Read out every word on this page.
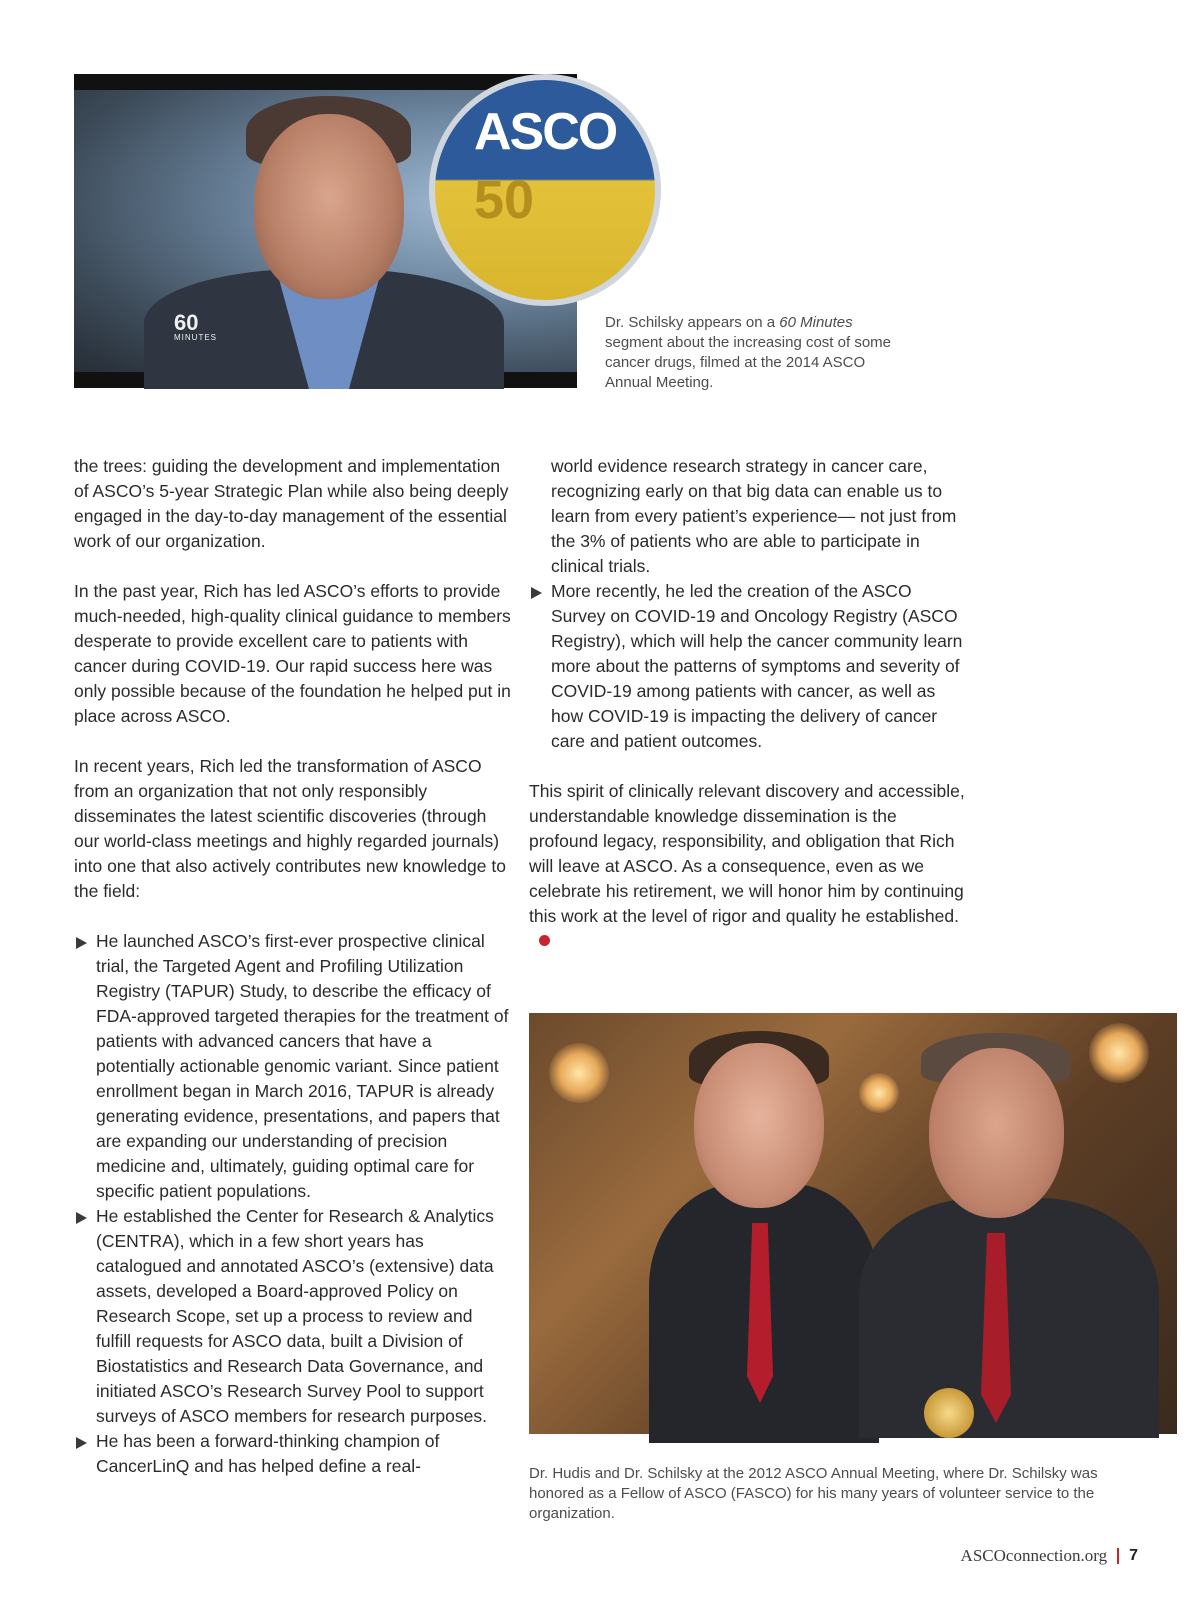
ASCO
50
60
MINUTES
Dr. Schilsky appears on a 60 Minutes segment about the increasing cost of some cancer drugs, filmed at the 2014 ASCO Annual Meeting.

the trees: guiding the development and implementation of ASCO’s 5-year Strategic Plan while also being deeply engaged in the day-to-day management of the essential work of our organization.

In the past year, Rich has led ASCO’s efforts to provide much-needed, high-quality clinical guidance to members desperate to provide excellent care to patients with cancer during COVID-19. Our rapid success here was only possible because of the foundation he helped put in place across ASCO.

In recent years, Rich led the transformation of ASCO from an organization that not only responsibly disseminates the latest scientific discoveries (through our world-class meetings and highly regarded journals) into one that also actively contributes new knowledge to the field:

He launched ASCO’s first-ever prospective clinical trial, the Targeted Agent and Profiling Utilization Registry (TAPUR) Study, to describe the efficacy of FDA-approved targeted therapies for the treatment of patients with advanced cancers that have a potentially actionable genomic variant. Since patient enrollment began in March 2016, TAPUR is already generating evidence, presentations, and papers that are expanding our understanding of precision medicine and, ultimately, guiding optimal care for specific patient populations.
He established the Center for Research & Analytics (CENTRA), which in a few short years has catalogued and annotated ASCO’s (extensive) data assets, developed a Board-approved Policy on Research Scope, set up a process to review and fulfill requests for ASCO data, built a Division of Biostatistics and Research Data Governance, and initiated ASCO’s Research Survey Pool to support surveys of ASCO members for research purposes.
He has been a forward-thinking champion of CancerLinQ and has helped define a real-
world evidence research strategy in cancer care, recognizing early on that big data can enable us to learn from every patient’s experience— not just from the 3% of patients who are able to participate in clinical trials.
More recently, he led the creation of the ASCO Survey on COVID-19 and Oncology Registry (ASCO Registry), which will help the cancer community learn more about the patterns of symptoms and severity of COVID-19 among patients with cancer, as well as how COVID-19 is impacting the delivery of cancer care and patient outcomes.

This spirit of clinically relevant discovery and accessible, understandable knowledge dissemination is the profound legacy, responsibility, and obligation that Rich will leave at ASCO. As a consequence, even as we celebrate his retirement, we will honor him by continuing this work at the level of rigor and quality he established.

Dr. Hudis and Dr. Schilsky at the 2012 ASCO Annual Meeting, where Dr. Schilsky was honored as a Fellow of ASCO (FASCO) for his many years of volunteer service to the organization.
ASCOconnection.org 7
